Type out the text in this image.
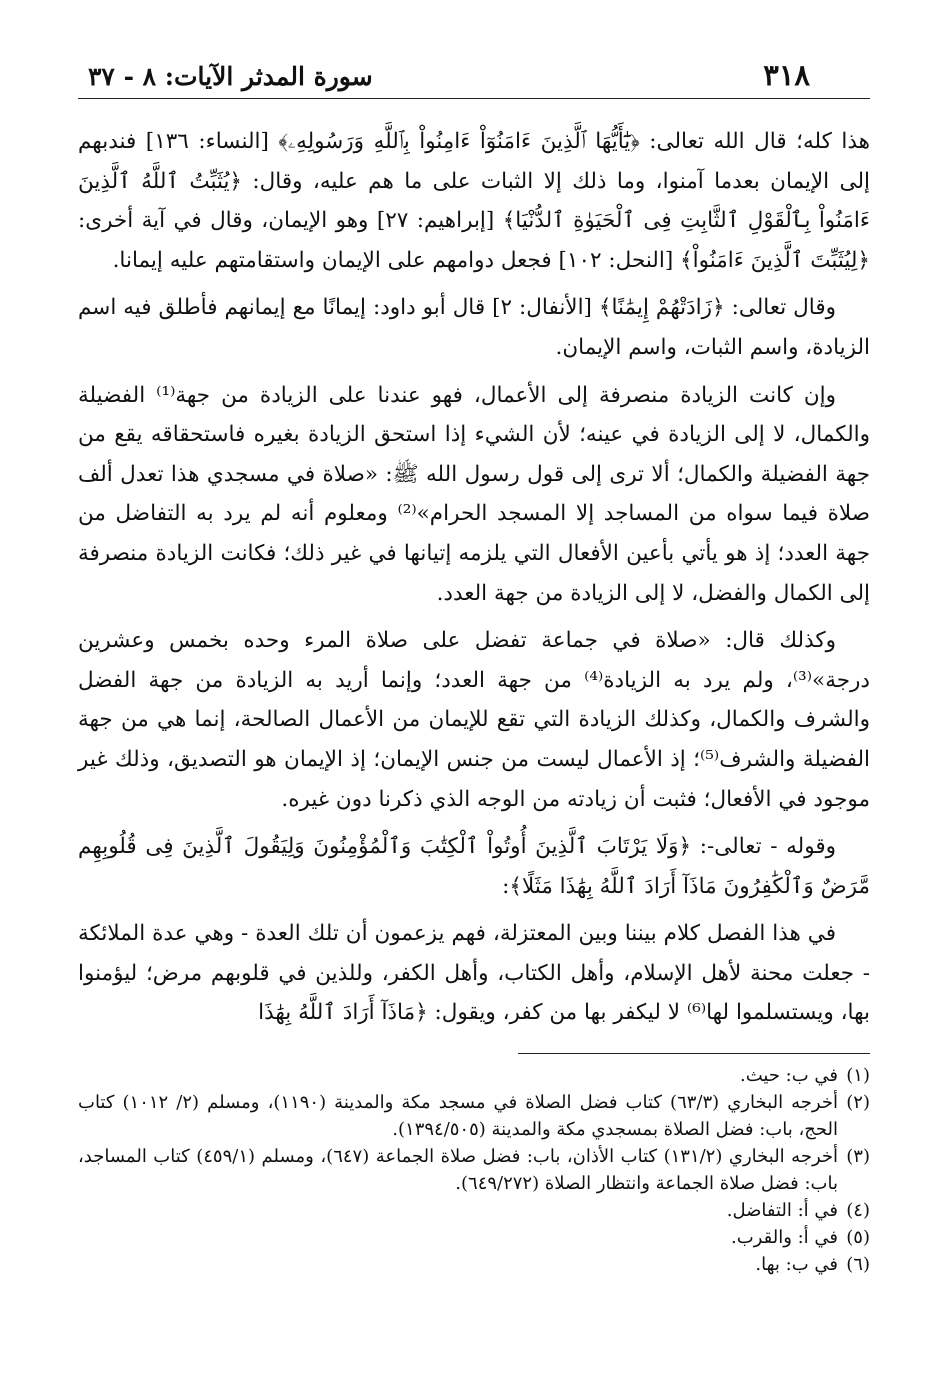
٣١٨
سورة المدثر الآيات: ٨ - ٣٧

هذا كله؛ قال الله تعالى: ﴿يَٰٓأَيُّهَا ٱلَّذِينَ ءَامَنُوٓاْ ءَامِنُواْ بِٱللَّهِ وَرَسُولِهِۦ﴾ [النساء: ١٣٦] فندبهم إلى الإيمان بعدما آمنوا، وما ذلك إلا الثبات على ما هم عليه، وقال: ﴿يُثَبِّتُ ٱللَّهُ ٱلَّذِينَ ءَامَنُواْ بِٱلْقَوْلِ ٱلثَّابِتِ فِى ٱلْحَيَوٰةِ ٱلدُّنْيَا﴾ [إبراهيم: ٢٧] وهو الإيمان، وقال في آية أخرى: ﴿لِيُثَبِّتَ ٱلَّذِينَ ءَامَنُواْ﴾ [النحل: ١٠٢] فجعل دوامهم على الإيمان واستقامتهم عليه إيمانا.

وقال تعالى: ﴿زَادَتْهُمْ إِيمَٰنًا﴾ [الأنفال: ٢] قال أبو داود: إيمانًا مع إيمانهم فأطلق فيه اسم الزيادة، واسم الثبات، واسم الإيمان.

وإن كانت الزيادة منصرفة إلى الأعمال، فهو عندنا على الزيادة من جهة⁽¹⁾ الفضيلة والكمال، لا إلى الزيادة في عينه؛ لأن الشيء إذا استحق الزيادة بغيره فاستحقاقه يقع من جهة الفضيلة والكمال؛ ألا ترى إلى قول رسول الله ﷺ: «صلاة في مسجدي هذا تعدل ألف صلاة فيما سواه من المساجد إلا المسجد الحرام»⁽²⁾ ومعلوم أنه لم يرد به التفاضل من جهة العدد؛ إذ هو يأتي بأعين الأفعال التي يلزمه إتيانها في غير ذلك؛ فكانت الزيادة منصرفة إلى الكمال والفضل، لا إلى الزيادة من جهة العدد.

وكذلك قال: «صلاة في جماعة تفضل على صلاة المرء وحده بخمس وعشرين درجة»⁽³⁾، ولم يرد به الزيادة⁽⁴⁾ من جهة العدد؛ وإنما أريد به الزيادة من جهة الفضل والشرف والكمال، وكذلك الزيادة التي تقع للإيمان من الأعمال الصالحة، إنما هي من جهة الفضيلة والشرف⁽⁵⁾؛ إذ الأعمال ليست من جنس الإيمان؛ إذ الإيمان هو التصديق، وذلك غير موجود في الأفعال؛ فثبت أن زيادته من الوجه الذي ذكرنا دون غيره.

وقوله - تعالى-: ﴿وَلَا يَرْتَابَ ٱلَّذِينَ أُوتُواْ ٱلْكِتَٰبَ وَٱلْمُؤْمِنُونَ وَلِيَقُولَ ٱلَّذِينَ فِى قُلُوبِهِم مَّرَضٌ وَٱلْكَٰفِرُونَ مَاذَآ أَرَادَ ٱللَّهُ بِهَٰذَا مَثَلًا﴾:

في هذا الفصل كلام بيننا وبين المعتزلة، فهم يزعمون أن تلك العدة - وهي عدة الملائكة - جعلت محنة لأهل الإسلام، وأهل الكتاب، وأهل الكفر، وللذين في قلوبهم مرض؛ ليؤمنوا بها، ويستسلموا لها⁽⁶⁾ لا ليكفر بها من كفر، ويقول: ﴿مَاذَآ أَرَادَ ٱللَّهُ بِهَٰذَا

(١)
في ب: حيث.
(٢)
أخرجه البخاري (٦٣/٣) كتاب فضل الصلاة في مسجد مكة والمدينة (١١٩٠)، ومسلم (٢/ ١٠١٢) كتاب الحج، باب: فضل الصلاة بمسجدي مكة والمدينة (١٣٩٤/٥٠٥).
(٣)
أخرجه البخاري (١٣١/٢) كتاب الأذان، باب: فضل صلاة الجماعة (٦٤٧)، ومسلم (٤٥٩/١) كتاب المساجد، باب: فضل صلاة الجماعة وانتظار الصلاة (٦٤٩/٢٧٢).
(٤)
في أ: التفاضل.
(٥)
في أ: والقرب.
(٦)
في ب: بها.
